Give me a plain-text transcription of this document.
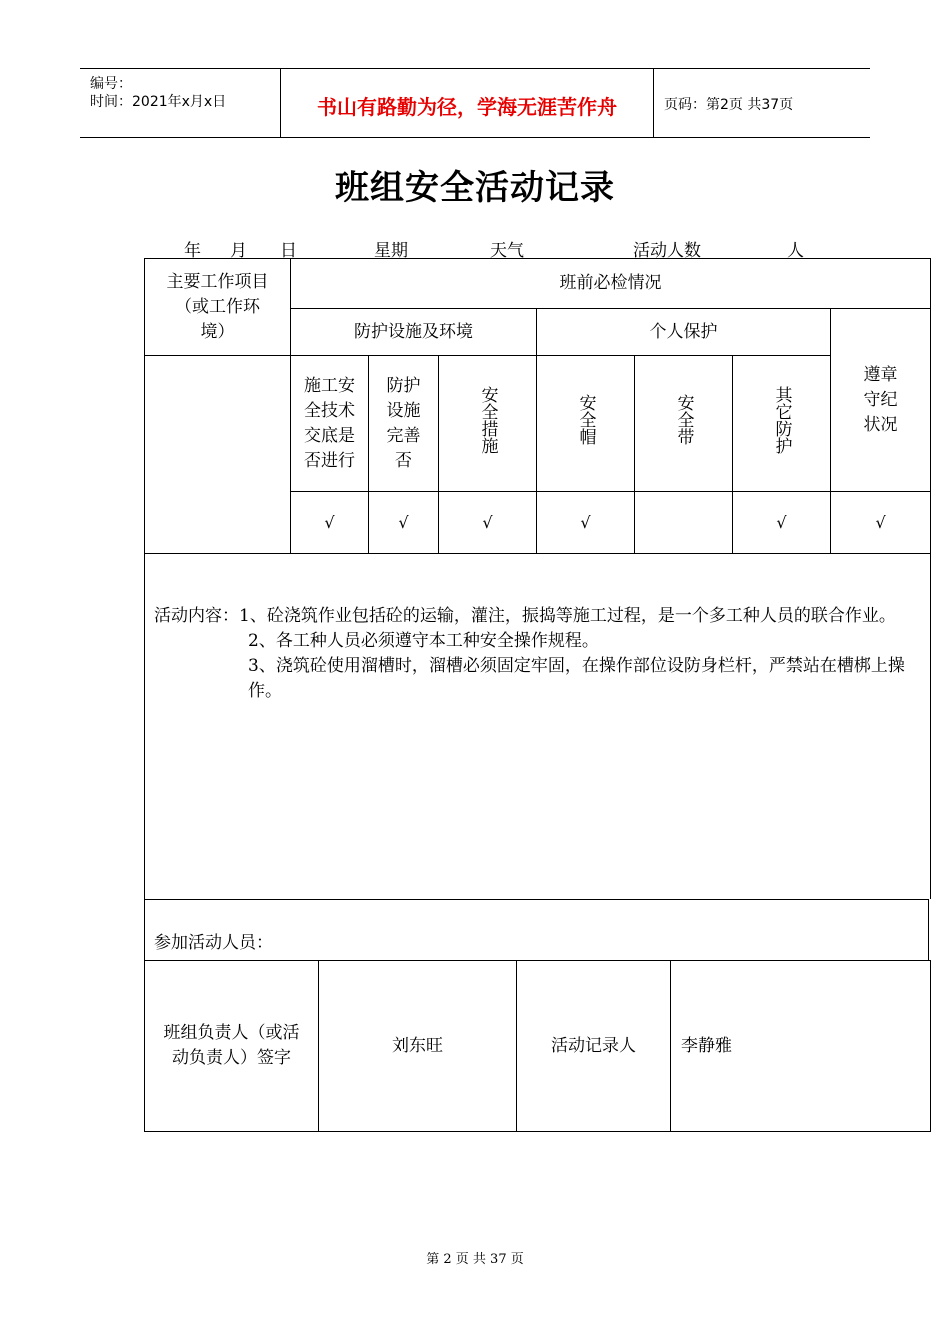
编号：
时间：2021年x月x日	书山有路勤为径，学海无涯苦作舟	页码：第2页 共37页
班组安全活动记录
年 月 日	星期	天气	活动人数	人
主要工作项目（或工作环境）	班前必检情况						
	防护设施及环境			个人保护			遵章守纪状况

	施工安全技术交底是否进行	防护设施完善否	安全措施	安全帽	安全带	其它防护	
	√	√	√	√		√	√
活动内容：1、砼浇筑作业包括砼的运输，灌注，振捣等施工过程，是一个多工种人员的联合作业。
2、各工种人员必须遵守本工种安全操作规程。
3、浇筑砼使用溜槽时，溜槽必须固定牢固，在操作部位设防身栏杆，严禁站在槽梆上操作。
参加活动人员：
班组负责人（或活动负责人）签字
	刘东旺	活动记录人	李静雅
第 2 页 共 37 页
